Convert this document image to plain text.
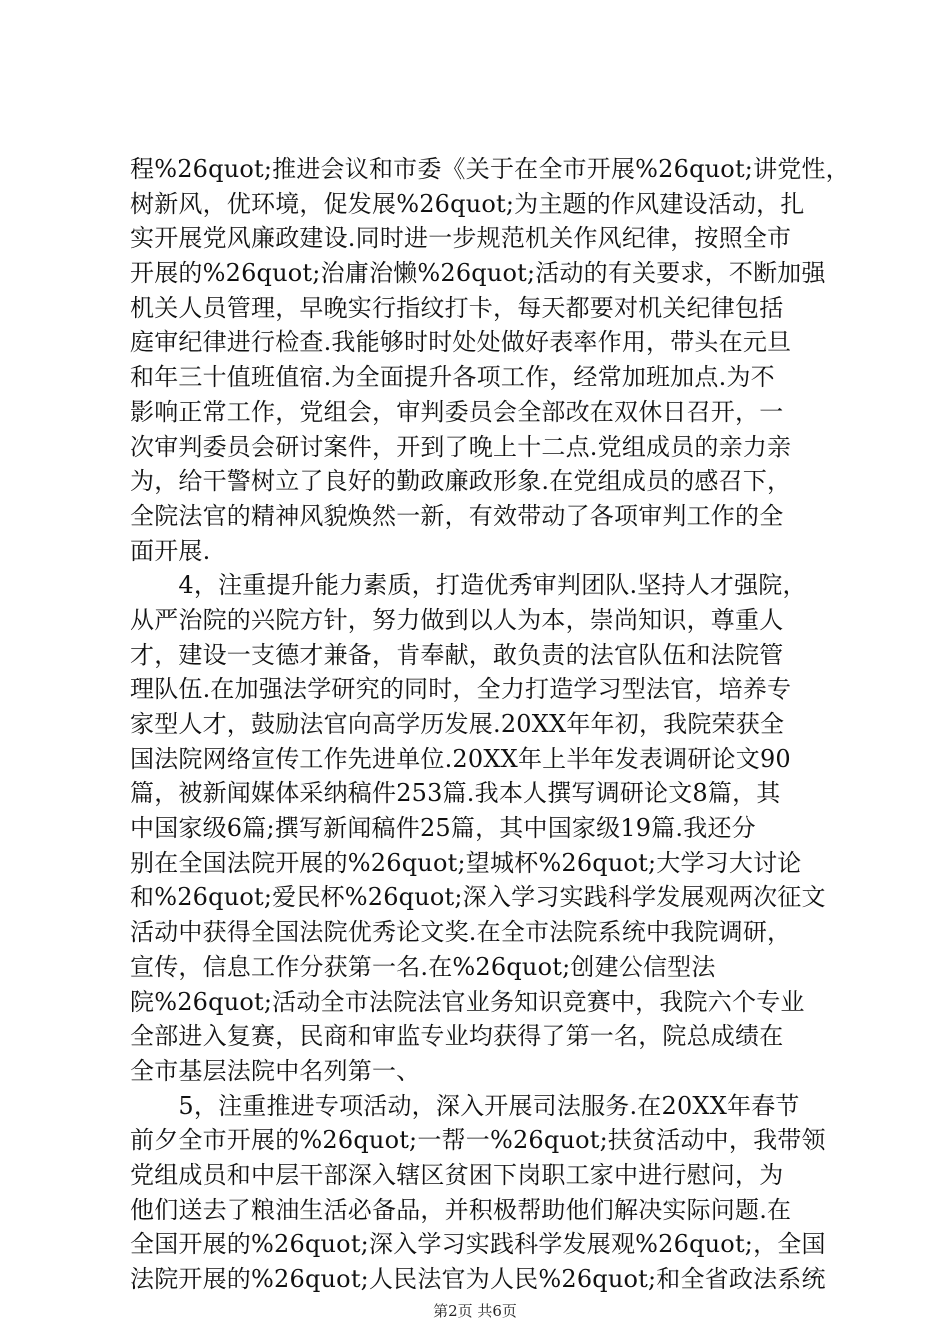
程%26quot;推进会议和市委《关于在全市开展%26quot;讲党性，
树新风，优环境，促发展%26quot;为主题的作风建设活动，扎
实开展党风廉政建设.同时进一步规范机关作风纪律，按照全市
开展的%26quot;治庸治懒%26quot;活动的有关要求，不断加强
机关人员管理，早晚实行指纹打卡，每天都要对机关纪律包括
庭审纪律进行检查.我能够时时处处做好表率作用，带头在元旦
和年三十值班值宿.为全面提升各项工作，经常加班加点.为不
影响正常工作，党组会，审判委员会全部改在双休日召开，一
次审判委员会研讨案件，开到了晚上十二点.党组成员的亲力亲
为，给干警树立了良好的勤政廉政形象.在党组成员的感召下，
全院法官的精神风貌焕然一新，有效带动了各项审判工作的全
面开展.
　　4，注重提升能力素质，打造优秀审判团队.坚持人才强院，
从严治院的兴院方针，努力做到以人为本，崇尚知识，尊重人
才，建设一支德才兼备，肯奉献，敢负责的法官队伍和法院管
理队伍.在加强法学研究的同时，全力打造学习型法官，培养专
家型人才，鼓励法官向高学历发展.20XX年年初，我院荣获全
国法院网络宣传工作先进单位.20XX年上半年发表调研论文90
篇，被新闻媒体采纳稿件253篇.我本人撰写调研论文8篇，其
中国家级6篇;撰写新闻稿件25篇，其中国家级19篇.我还分
别在全国法院开展的%26quot;望城杯%26quot;大学习大讨论
和%26quot;爱民杯%26quot;深入学习实践科学发展观两次征文
活动中获得全国法院优秀论文奖.在全市法院系统中我院调研，
宣传，信息工作分获第一名.在%26quot;创建公信型法
院%26quot;活动全市法院法官业务知识竞赛中，我院六个专业
全部进入复赛，民商和审监专业均获得了第一名，院总成绩在
全市基层法院中名列第一、
　　5，注重推进专项活动，深入开展司法服务.在20XX年春节
前夕全市开展的%26quot;一帮一%26quot;扶贫活动中，我带领
党组成员和中层干部深入辖区贫困下岗职工家中进行慰问，为
他们送去了粮油生活必备品，并积极帮助他们解决实际问题.在
全国开展的%26quot;深入学习实践科学发展观%26quot;，全国
法院开展的%26quot;人民法官为人民%26quot;和全省政法系统
第2页 共6页
